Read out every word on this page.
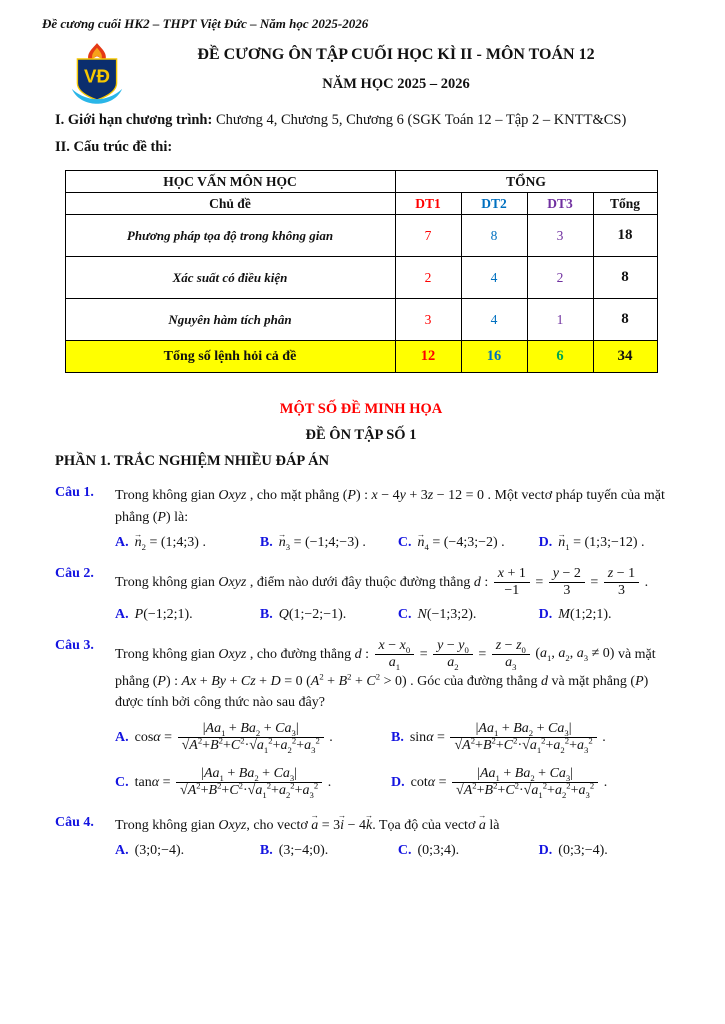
Đề cương cuối HK2 – THPT Việt Đức – Năm học 2025-2026
VĐ
ĐỀ CƯƠNG ÔN TẬP CUỐI HỌC KÌ II - MÔN TOÁN 12
NĂM HỌC 2025 – 2026

I. Giới hạn chương trình: Chương 4, Chương 5, Chương 6 (SGK Toán 12 – Tập 2 – KNTT&CS)

II. Cấu trúc đề thi:

HỌC VẤN MÔN HỌC	TỔNG			
Chủ đề	DT1	DT2	DT3	Tổng
Phương pháp tọa độ trong không gian	7	8	3	18
Xác suất có điều kiện	2	4	2	8
Nguyên hàm tích phân	3	4	1	8
Tổng số lệnh hỏi cả đề	12	16	6	34
MỘT SỐ ĐỀ MINH HỌA
ĐỀ ÔN TẬP SỐ 1
PHẦN 1. TRẮC NGHIỆM NHIỀU ĐÁP ÁN
Câu 1.	Trong không gian Oxyz , cho mặt phẳng (P) : x − 4y + 3z − 12 = 0 . Một vectơ pháp tuyến của mặt phẳng (P) là:
A. $n \to_2$ = (1;4;3) .	B. $n \to_3$ = (−1;4;−3) .	C. $n \to_4$ = (−4;3;−2) .	D. $n \to_1$ = (1;3;−12) .
Câu 2.
Trong không gian Oxyz , điểm nào dưới đây thuộc đường thẳng d : $\frac{x + 1}{-1} = \frac{y - 2}{3} = \frac{z - 1}{3}$ .
A. P(−1;2;1).	B. Q(1;−2;−1).	C. N(−1;3;2).	D. M(1;2;1).
Câu 3.
Trong không gian Oxyz , cho đường thẳng d : $\frac{x - x_0}{a_1} = \frac{y - y_0}{a_2} = \frac{z - z_0}{a_3} (a_1$, $a_2$, $a_3 \ne 0$) và mặt phẳng (P) : Ax + By + Cz + D = 0 $(A^2 + B^2 + C^2 > 0)$ . Góc của đường thẳng d và mặt phẳng (P) được tính bởi công thức nào sau đây?
A. $\cos\alpha = \frac{|Aa_1 + Ba_2 + Ca_3|}{√A^2+B^2+C^2\cdot√a_1^2+a_2^2+a_3^2}$ .	B. $\sin\alpha = \frac{|Aa_1 + Ba_2 + Ca_3|}{√A^2+B^2+C^2\cdot√a_1^2+a_2^2+a_3^2}$ .
C. $\tan\alpha = \frac{|Aa_1 + Ba_2 + Ca_3|}{√A^2+B^2+C^2\cdot√a_1^2+a_2^2+a_3^2}$ .	D. $\cot\alpha = \frac{|Aa_1 + Ba_2 + Ca_3|}{√A^2+B^2+C^2\cdot√a_1^2+a_2^2+a_3^2}$ .
Câu 4.	Trong không gian Oxyz, cho vectơ a → = 3i → − 4k →. Tọa độ của vectơ a → là
A. (3;0;−4).	B. (3;−4;0).	C. (0;3;4).	D. (0;3;−4).
